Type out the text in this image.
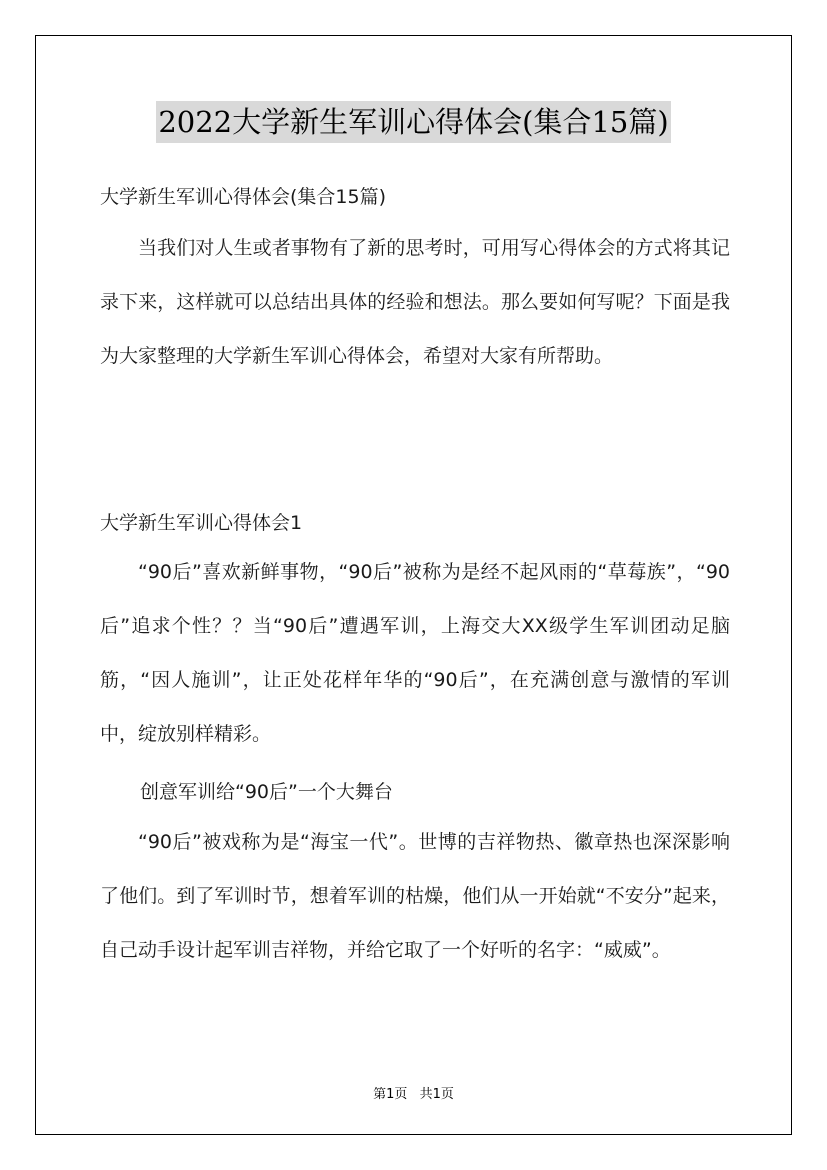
2022大学新生军训心得体会(集合15篇)
大学新生军训心得体会(集合15篇)

当我们对人生或者事物有了新的思考时，可用写心得体会的方式将其记录下来，这样就可以总结出具体的经验和想法。那么要如何写呢？下面是我为大家整理的大学新生军训心得体会，希望对大家有所帮助。

大学新生军训心得体会1

“90后”喜欢新鲜事物，“90后”被称为是经不起风雨的“草莓族”，“90后”追求个性？？当“90后”遭遇军训，上海交大XX级学生军训团动足脑筋，“因人施训”，让正处花样年华的“90后”，在充满创意与激情的军训中，绽放别样精彩。

创意军训给“90后”一个大舞台

“90后”被戏称为是“海宝一代”。世博的吉祥物热、徽章热也深深影响了他们。到了军训时节，想着军训的枯燥，他们从一开始就“不安分”起来，自己动手设计起军训吉祥物，并给它取了一个好听的名字：“威威”。

第1页 共1页
